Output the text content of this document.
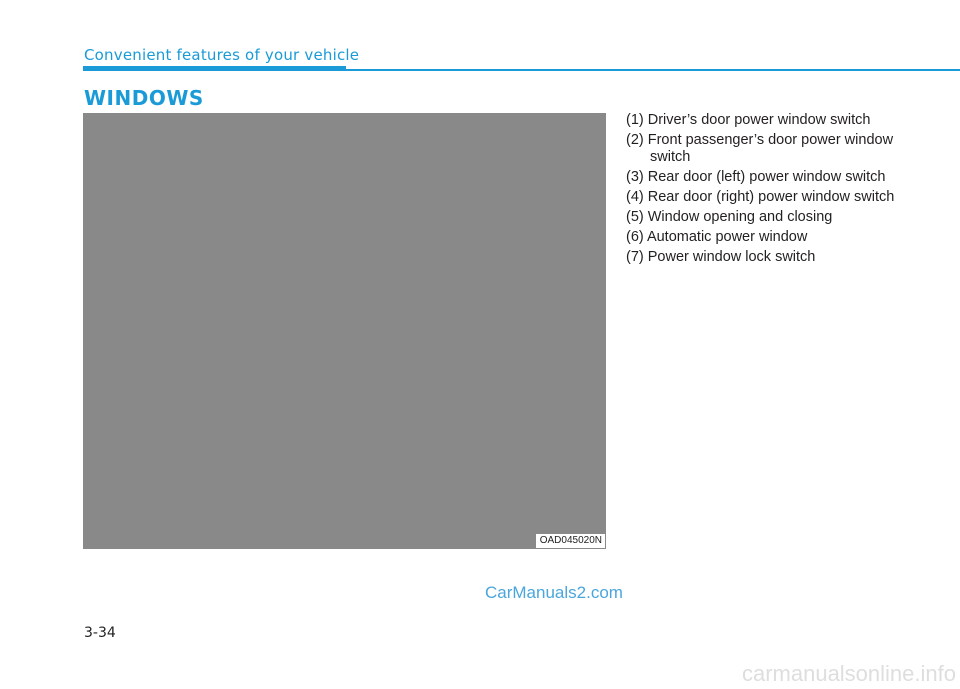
Convenient features of your vehicle
WINDOWS
OAD045020N
(1) Driver’s door power window switch
(2) Front passenger’s door power window switch
(3) Rear door (left) power window switch
(4) Rear door (right) power window switch
(5) Window opening and closing
(6) Automatic power window
(7) Power window lock switch
CarManuals2.com
3-34
carmanualsonline.info
